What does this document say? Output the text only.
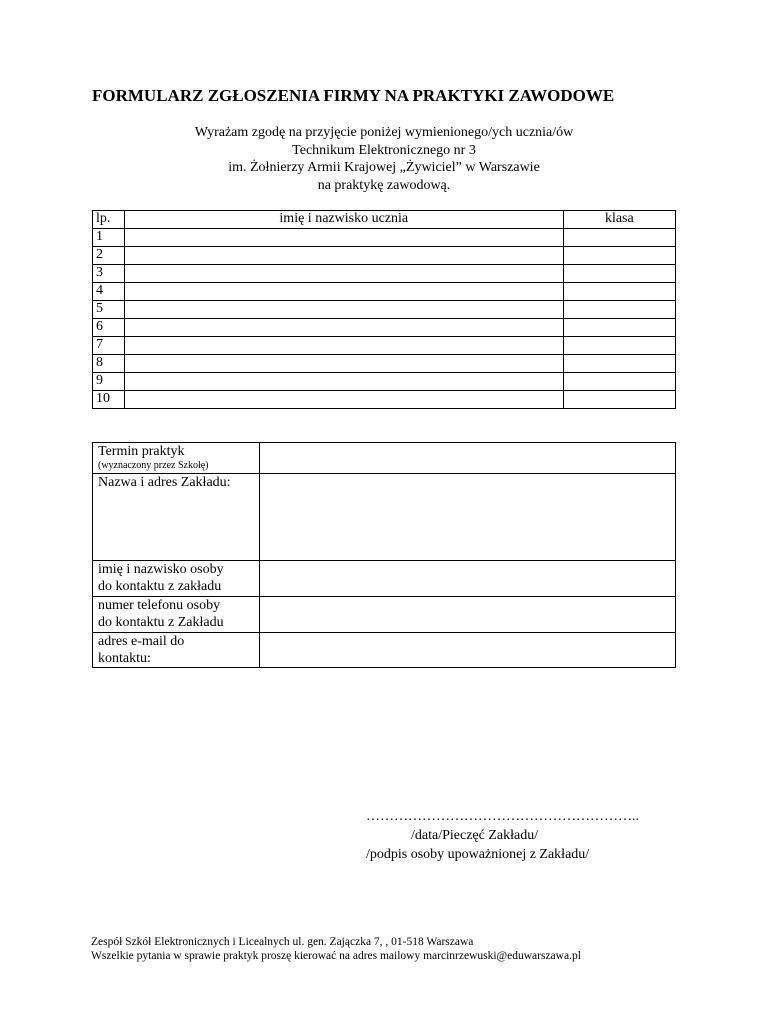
FORMULARZ ZGŁOSZENIA FIRMY NA PRAKTYKI ZAWODOWE
Wyrażam zgodę na przyjęcie poniżej wymienionego/ych ucznia/ów
Technikum Elektronicznego nr 3
im. Żołnierzy Armii Krajowej „Żywiciel” w Warszawie
na praktykę zawodową.
lp.	imię i nazwisko ucznia	klasa
1		
2		
3		
4		
5		
6		
7		
8		
9		
10		
Termin praktyk
(wyznaczony przez Szkołę)	

Nazwa i adres Zakładu:	

imię i nazwisko osoby
do kontaktu z zakładu	

numer telefonu osoby
do kontaktu z Zakładu	

adres e-mail do
kontaktu:	

…………………………………………………..
/data/Pieczęć Zakładu/
/podpis osoby upoważnionej z Zakładu/
Zespół Szkół Elektronicznych i Licealnych ul. gen. Zajączka 7, , 01-518 Warszawa
Wszelkie pytania w sprawie praktyk proszę kierować na adres mailowy marcinrzewuski@eduwarszawa.pl
